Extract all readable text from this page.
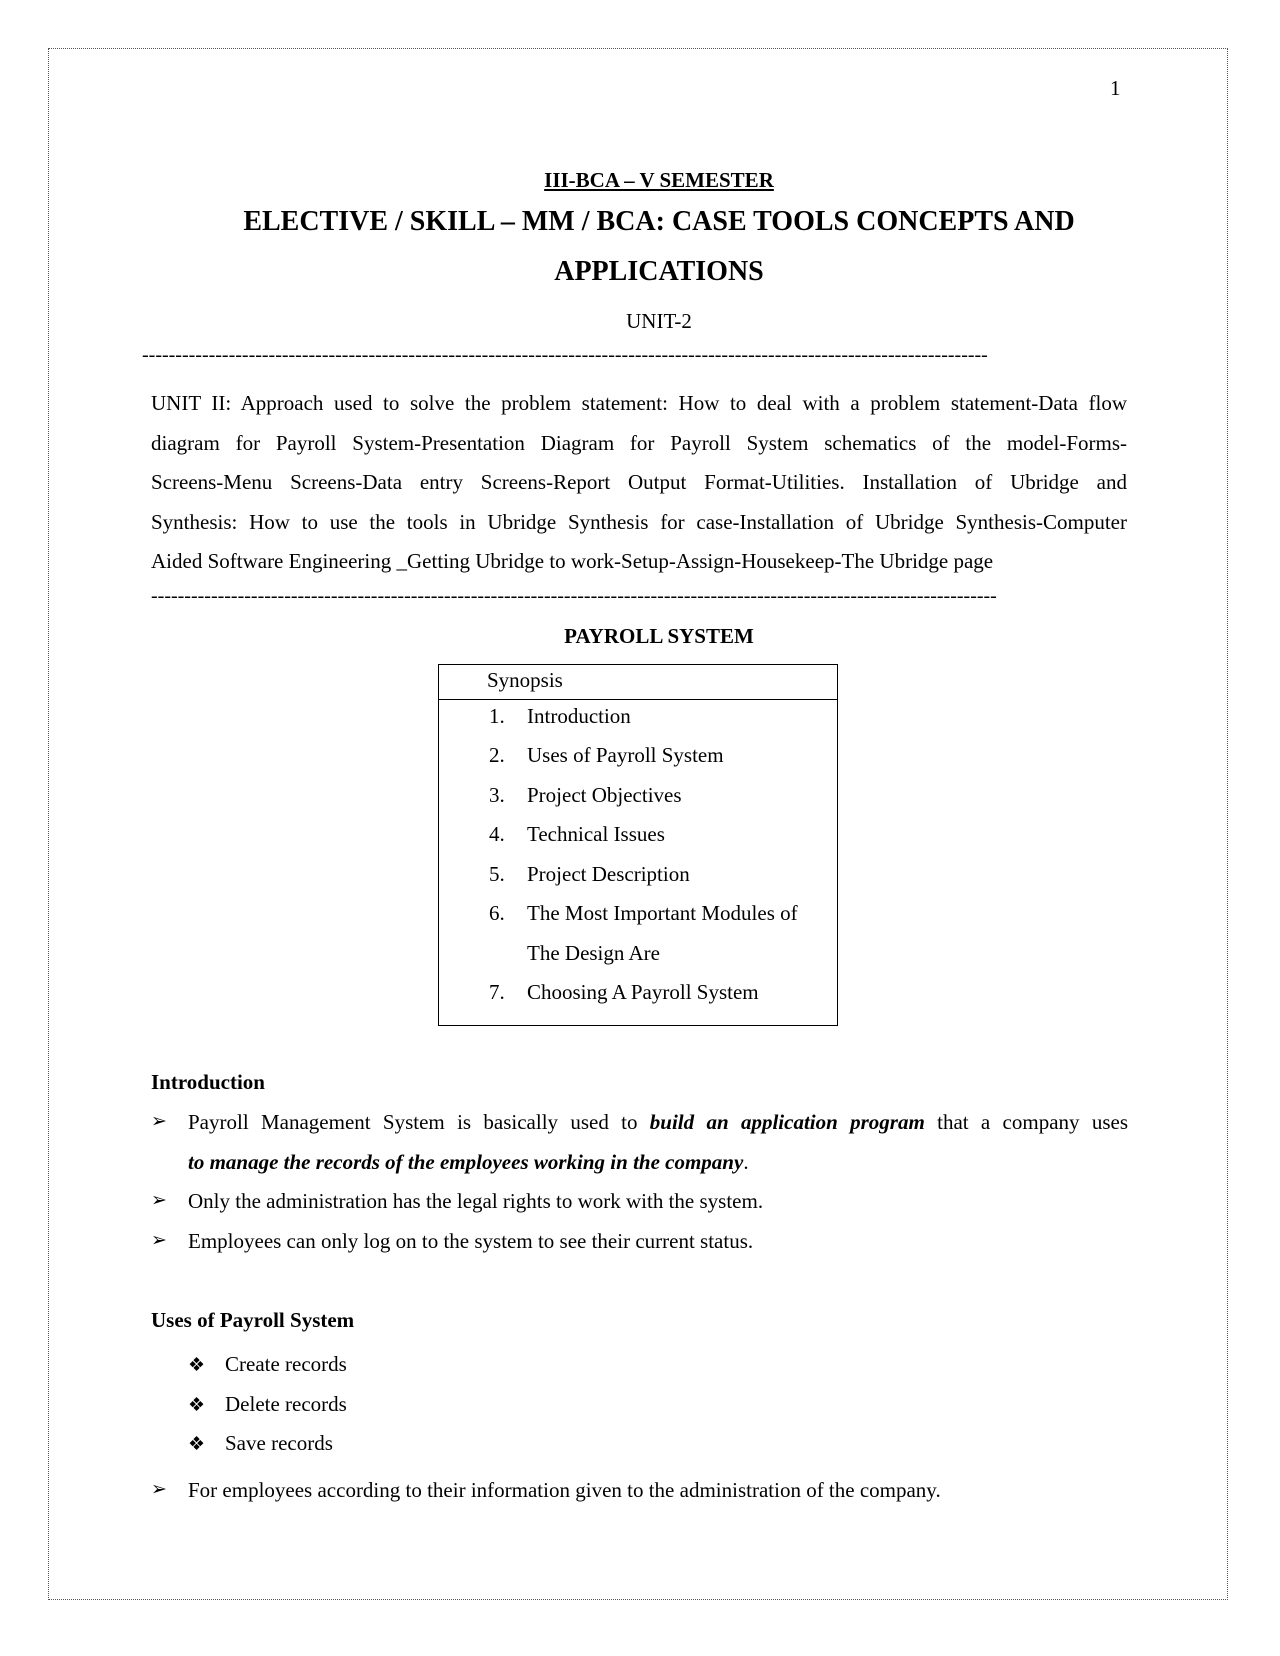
1
III-BCA – V SEMESTER
ELECTIVE / SKILL – MM / BCA: CASE TOOLS CONCEPTS AND
APPLICATIONS
UNIT-2
-------------------------------------------------------------------------------------------------------------------------------
UNIT II: Approach used to solve the problem statement: How to deal with a problem statement-Data flow
diagram for Payroll System-Presentation Diagram for Payroll System schematics of the model-Forms-
Screens-Menu Screens-Data entry Screens-Report Output Format-Utilities. Installation of Ubridge and
Synthesis: How to use the tools in Ubridge Synthesis for case-Installation of Ubridge Synthesis-Computer
Aided Software Engineering _Getting Ubridge to work-Setup-Assign-Housekeep-The Ubridge page
-------------------------------------------------------------------------------------------------------------------------------
PAYROLL SYSTEM
Synopsis
1. Introduction
2. Uses of Payroll System
3. Project Objectives
4. Technical Issues
5. Project Description
6. The Most Important Modules of
The Design Are
7. Choosing A Payroll System
Introduction
➢ Payroll Management System is basically used to build an application program that a company uses
to manage the records of the employees working in the company.
➢ Only the administration has the legal rights to work with the system.
➢ Employees can only log on to the system to see their current status.
Uses of Payroll System
❖ Create records
❖ Delete records
❖ Save records
➢ For employees according to their information given to the administration of the company.
